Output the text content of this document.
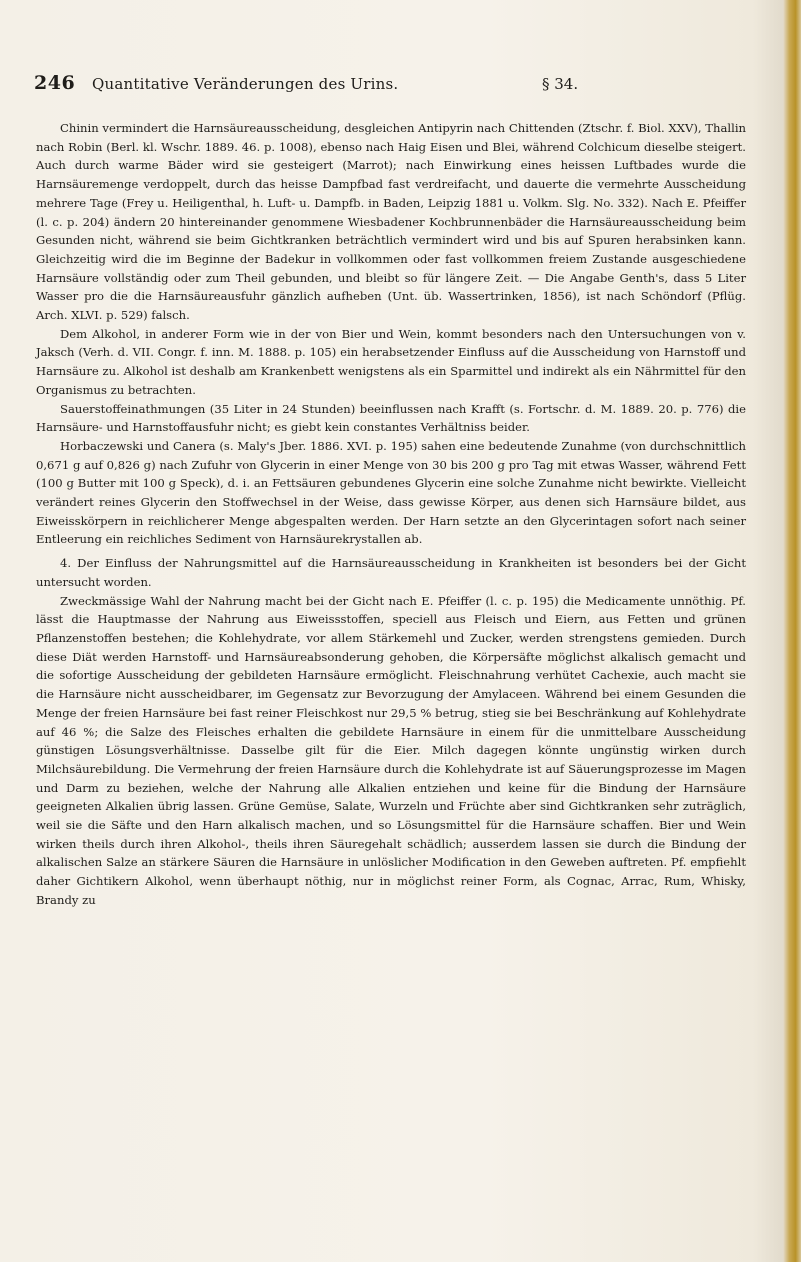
246 Quantitative Veränderungen des Urins.	§ 34.

Chinin vermindert die Harnsäureausscheidung, desgleichen Antipyrin nach Chittenden (Ztschr. f. Biol. XXV), Thallin nach Robin (Berl. kl. Wschr. 1889. 46. p. 1008), ebenso nach Haig Eisen und Blei, während Colchicum dieselbe steigert. Auch durch warme Bäder wird sie gesteigert (Marrot); nach Einwirkung eines heissen Luftbades wurde die Harnsäuremenge verdoppelt, durch das heisse Dampfbad fast verdreifacht, und dauerte die vermehrte Ausscheidung mehrere Tage (Frey u. Heiligenthal, h. Luft- u. Dampfb. in Baden, Leipzig 1881 u. Volkm. Slg. No. 332). Nach E. Pfeiffer (l. c. p. 204) ändern 20 hintereinander genommene Wiesbadener Kochbrunnenbäder die Harnsäureausscheidung beim Gesunden nicht, während sie beim Gichtkranken beträchtlich vermindert wird und bis auf Spuren herabsinken kann. Gleichzeitig wird die im Beginne der Badekur in vollkommen oder fast vollkommen freiem Zustande ausgeschiedene Harnsäure vollständig oder zum Theil gebunden, und bleibt so für längere Zeit. — Die Angabe Genth's, dass 5 Liter Wasser pro die die Harnsäureausfuhr gänzlich aufheben (Unt. üb. Wassertrinken, 1856), ist nach Schöndorf (Pflüg. Arch. XLVI. p. 529) falsch.

Dem Alkohol, in anderer Form wie in der von Bier und Wein, kommt besonders nach den Untersuchungen von v. Jaksch (Verh. d. VII. Congr. f. inn. M. 1888. p. 105) ein herabsetzender Einfluss auf die Ausscheidung von Harnstoff und Harnsäure zu. Alkohol ist deshalb am Krankenbett wenigstens als ein Sparmittel und indirekt als ein Nährmittel für den Organismus zu betrachten.

Sauerstoffeinathmungen (35 Liter in 24 Stunden) beeinflussen nach Krafft (s. Fortschr. d. M. 1889. 20. p. 776) die Harnsäure- und Harnstoffausfuhr nicht; es giebt kein constantes Verhältniss beider.

Horbaczewski und Canera (s. Maly's Jber. 1886. XVI. p. 195) sahen eine bedeutende Zunahme (von durchschnittlich 0,671 g auf 0,826 g) nach Zufuhr von Glycerin in einer Menge von 30 bis 200 g pro Tag mit etwas Wasser, während Fett (100 g Butter mit 100 g Speck), d. i. an Fettsäuren gebundenes Glycerin eine solche Zunahme nicht bewirkte. Vielleicht verändert reines Glycerin den Stoffwechsel in der Weise, dass gewisse Körper, aus denen sich Harnsäure bildet, aus Eiweisskörpern in reichlicherer Menge abgespalten werden. Der Harn setzte an den Glycerintagen sofort nach seiner Entleerung ein reichliches Sediment von Harnsäurekrystallen ab.

4. Der Einfluss der Nahrungsmittel auf die Harnsäureausscheidung in Krankheiten ist besonders bei der Gicht untersucht worden.

Zweckmässige Wahl der Nahrung macht bei der Gicht nach E. Pfeiffer (l. c. p. 195) die Medicamente unnöthig. Pf. lässt die Hauptmasse der Nahrung aus Eiweissstoffen, speciell aus Fleisch und Eiern, aus Fetten und grünen Pflanzenstoffen bestehen; die Kohlehydrate, vor allem Stärkemehl und Zucker, werden strengstens gemieden. Durch diese Diät werden Harnstoff- und Harnsäureabsonderung gehoben, die Körpersäfte möglichst alkalisch gemacht und die sofortige Ausscheidung der gebildeten Harnsäure ermöglicht. Fleischnahrung verhütet Cachexie, auch macht sie die Harnsäure nicht ausscheidbarer, im Gegensatz zur Bevorzugung der Amylaceen. Während bei einem Gesunden die Menge der freien Harnsäure bei fast reiner Fleischkost nur 29,5 % betrug, stieg sie bei Beschränkung auf Kohlehydrate auf 46 %; die Salze des Fleisches erhalten die gebildete Harnsäure in einem für die unmittelbare Ausscheidung günstigen Lösungsverhältnisse. Dasselbe gilt für die Eier. Milch dagegen könnte ungünstig wirken durch Milchsäurebildung. Die Vermehrung der freien Harnsäure durch die Kohlehydrate ist auf Säuerungsprozesse im Magen und Darm zu beziehen, welche der Nahrung alle Alkalien entziehen und keine für die Bindung der Harnsäure geeigneten Alkalien übrig lassen. Grüne Gemüse, Salate, Wurzeln und Früchte aber sind Gichtkranken sehr zuträglich, weil sie die Säfte und den Harn alkalisch machen, und so Lösungsmittel für die Harnsäure schaffen. Bier und Wein wirken theils durch ihren Alkohol-, theils ihren Säuregehalt schädlich; ausserdem lassen sie durch die Bindung der alkalischen Salze an stärkere Säuren die Harnsäure in unlöslicher Modification in den Geweben auftreten. Pf. empfiehlt daher Gichtikern Alkohol, wenn überhaupt nöthig, nur in möglichst reiner Form, als Cognac, Arrac, Rum, Whisky, Brandy zu
